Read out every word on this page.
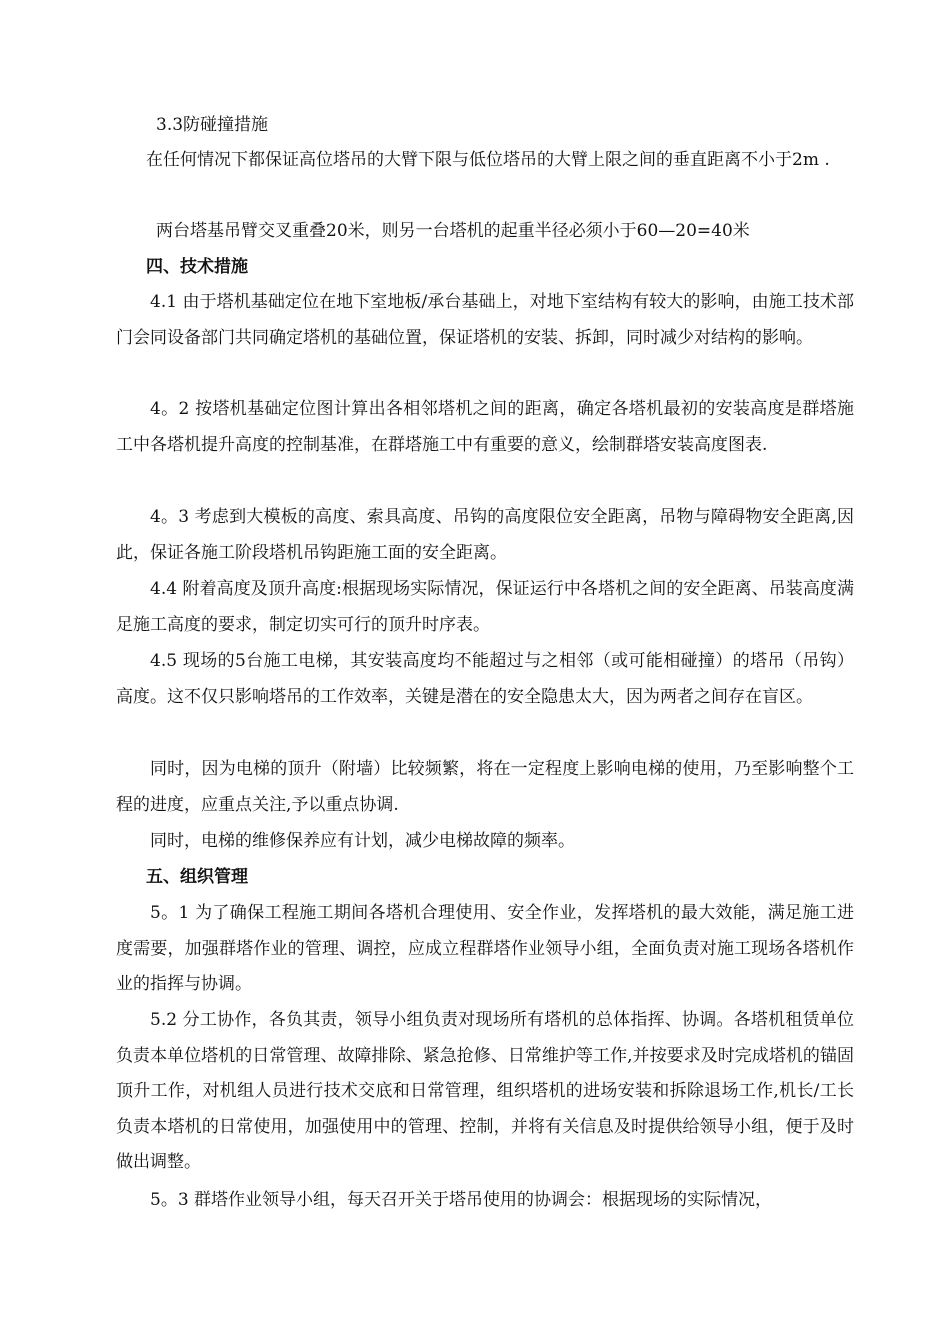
3.3防碰撞措施

在任何情况下都保证高位塔吊的大臂下限与低位塔吊的大臂上限之间的垂直距离不小于2m .

两台塔基吊臂交叉重叠20米，则另一台塔机的起重半径必须小于60—20=40米

四、技术措施

4.1 由于塔机基础定位在地下室地板/承台基础上，对地下室结构有较大的影响，由施工技术部门会同设备部门共同确定塔机的基础位置，保证塔机的安装、拆卸，同时减少对结构的影响。

4。2 按塔机基础定位图计算出各相邻塔机之间的距离，确定各塔机最初的安装高度是群塔施工中各塔机提升高度的控制基准，在群塔施工中有重要的意义，绘制群塔安装高度图表.

4。3 考虑到大模板的高度、索具高度、吊钩的高度限位安全距离，吊物与障碍物安全距离,因此，保证各施工阶段塔机吊钩距施工面的安全距离。

4.4 附着高度及顶升高度:根据现场实际情况，保证运行中各塔机之间的安全距离、吊装高度满足施工高度的要求，制定切实可行的顶升时序表。

4.5 现场的5台施工电梯，其安装高度均不能超过与之相邻（或可能相碰撞）的塔吊（吊钩）高度。这不仅只影响塔吊的工作效率，关键是潜在的安全隐患太大，因为两者之间存在盲区。

同时，因为电梯的顶升（附墙）比较频繁，将在一定程度上影响电梯的使用，乃至影响整个工程的进度，应重点关注,予以重点协调.

同时，电梯的维修保养应有计划，减少电梯故障的频率。

五、组织管理

5。1 为了确保工程施工期间各塔机合理使用、安全作业，发挥塔机的最大效能，满足施工进度需要，加强群塔作业的管理、调控，应成立程群塔作业领导小组，全面负责对施工现场各塔机作业的指挥与协调。

5.2 分工协作，各负其责，领导小组负责对现场所有塔机的总体指挥、协调。各塔机租赁单位负责本单位塔机的日常管理、故障排除、紧急抢修、日常维护等工作,并按要求及时完成塔机的锚固顶升工作，对机组人员进行技术交底和日常管理，组织塔机的进场安装和拆除退场工作,机长/工长负责本塔机的日常使用，加强使用中的管理、控制，并将有关信息及时提供给领导小组，便于及时做出调整。

5。3 群塔作业领导小组，每天召开关于塔吊使用的协调会：根据现场的实际情况，
